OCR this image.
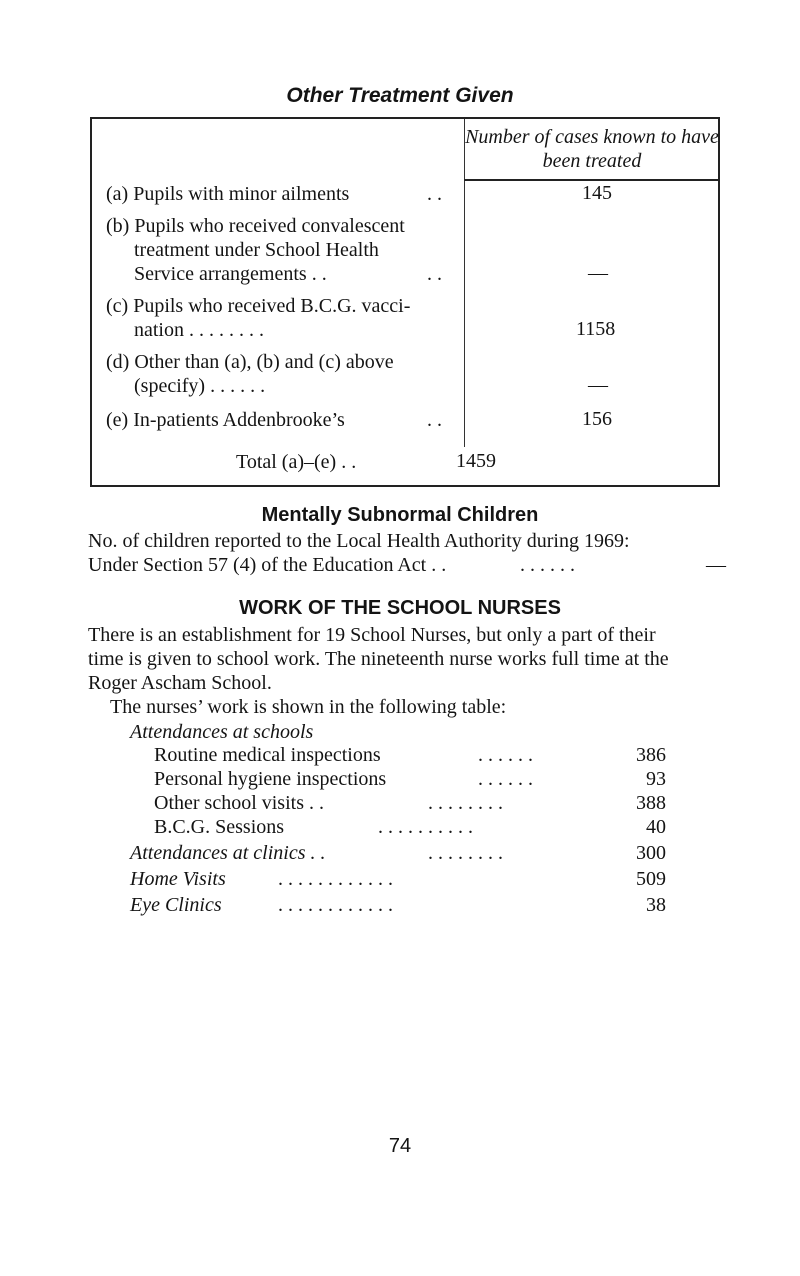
Other Treatment Given
Number of cases known to have been treated
(a) Pupils with minor ailments	. .	145
(b) Pupils who received convalescent
treatment under School Health
Service arrangements . .	. .	—
(c) Pupils who received B.C.G. vacci-
nation . . . . . . . .	1158
(d) Other than (a), (b) and (c) above
(specify) . . . . . .	—
(e) In-patients Addenbrooke’s	. .	156
Total (a)–(e) . .	1459
Mentally Subnormal Children
No. of children reported to the Local Health Authority during 1969:
Under Section 57 (4) of the Education Act . .	. . . . . .	—
WORK OF THE SCHOOL NURSES
There is an establishment for 19 School Nurses, but only a part of their
time is given to school work. The nineteenth nurse works full time at the
Roger Ascham School.
The nurses’ work is shown in the following table:
Attendances at schools
Routine medical inspections	. . . . . .	386
Personal hygiene inspections	. . . . . .	93
Other school visits . .	. . . . . . . .	388
B.C.G. Sessions	. . . . . . . . . .	40
Attendances at clinics . .	. . . . . . . .	300
Home Visits	. . . . . . . . . . . .	509
Eye Clinics	. . . . . . . . . . . .	38
74
